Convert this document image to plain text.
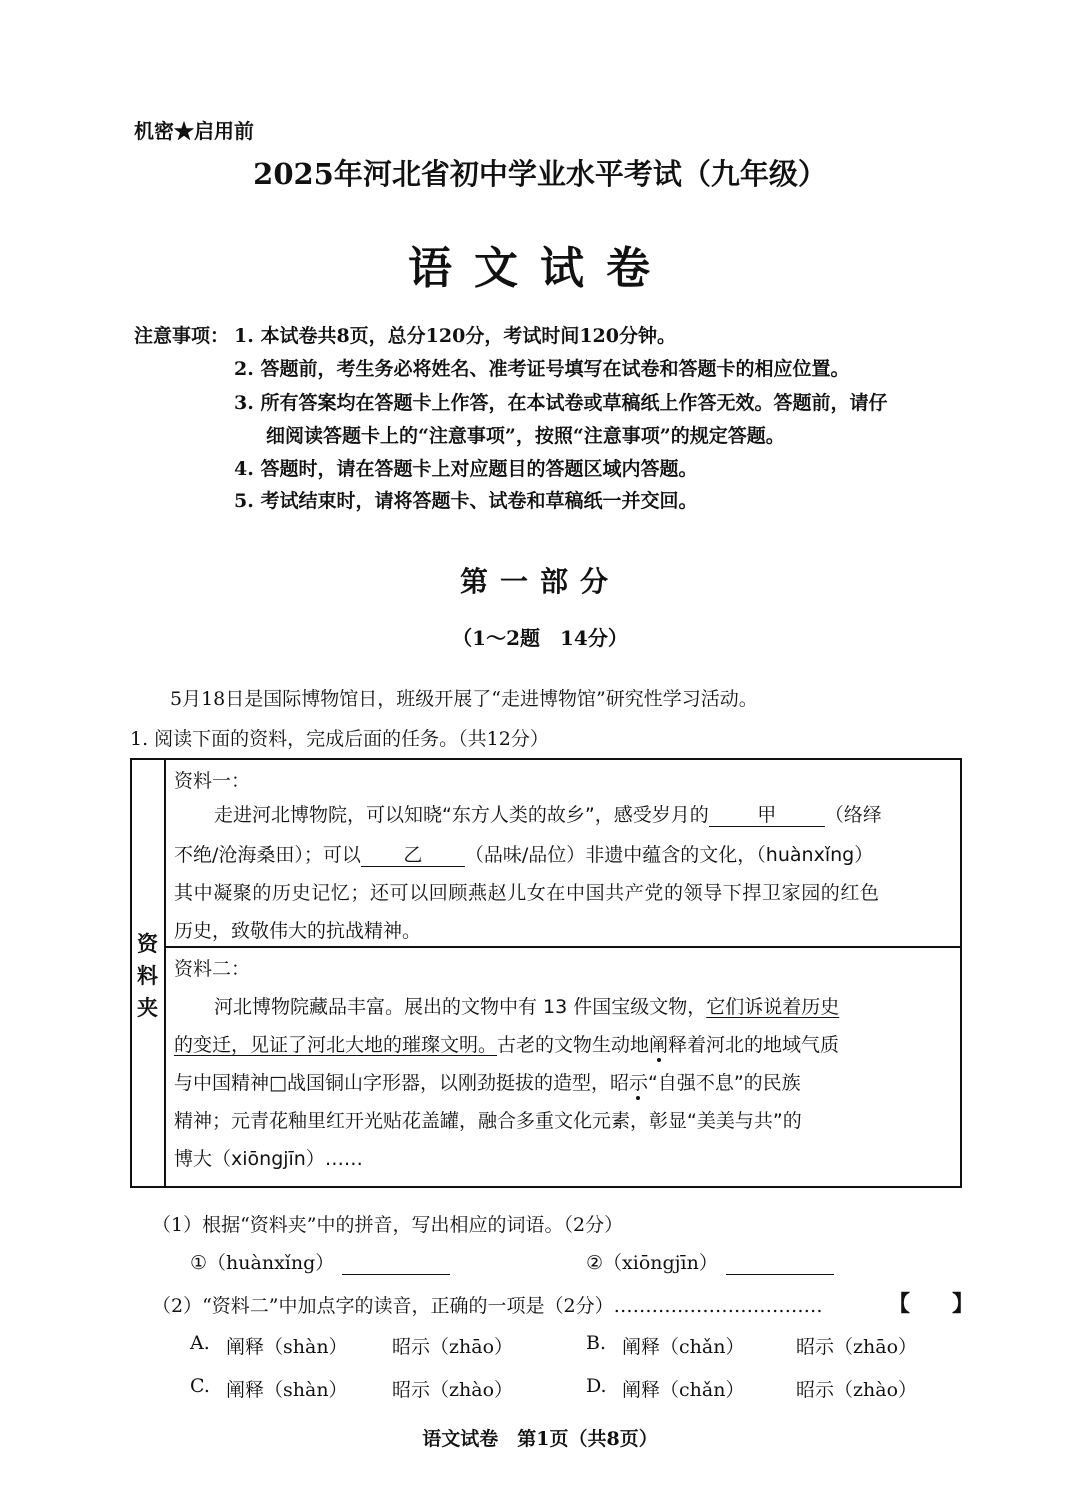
机密★启用前
2025年河北省初中学业水平考试（九年级）
语文试卷
注意事项： 1. 本试卷共8页，总分120分，考试时间120分钟。
2. 答题前，考生务必将姓名、准考证号填写在试卷和答题卡的相应位置。
3. 所有答案均在答题卡上作答，在本试卷或草稿纸上作答无效。答题前，请仔
细阅读答题卡上的“注意事项”，按照“注意事项”的规定答题。
4. 答题时，请在答题卡上对应题目的答题区域内答题。
5. 考试结束时，请将答题卡、试卷和草稿纸一并交回。
第一部分
（1～2题　14分）
5月18日是国际博物馆日，班级开展了“走进博物馆”研究性学习活动。
1. 阅读下面的资料，完成后面的任务。（共12分）
资
料
夹
资料一：
走进河北博物院，可以知晓“东方人类的故乡”，感受岁月的	甲	（络绎
不绝/沧海桑田）；可以 乙 （品味/品位）非遗中蕴含的文化，（huànxǐng）
其中凝聚的历史记忆；还可以回顾燕赵儿女在中国共产党的领导下捍卫家园的红色
历史，致敬伟大的抗战精神。
资料二：
河北博物院藏品丰富。展出的文物中有 13 件国宝级文物，它们诉说着历史
的变迁，见证了河北大地的璀璨文明。古老的文物生动地阐释着河北的地域气质
与中国精神□战国铜山字形器，以刚劲挺拔的造型，昭示“自强不息”的民族
精神；元青花釉里红开光贴花盖罐，融合多重文化元素，彰显“美美与共”的
博大（xiōngjīn）……
（1）根据“资料夹”中的拼音，写出相应的词语。（2分）
①（huànxǐng）	②（xiōngjīn）
（2）“资料二”中加点字的读音，正确的一项是（2分）……………………………	【 】
A. 阐释（shàn） 昭示（zhāo）	B. 阐释（chǎn）	昭示（zhāo）
C. 阐释（shàn） 昭示（zhào）	D. 阐释（chǎn）	昭示（zhào）
语文试卷　第1页（共8页）
